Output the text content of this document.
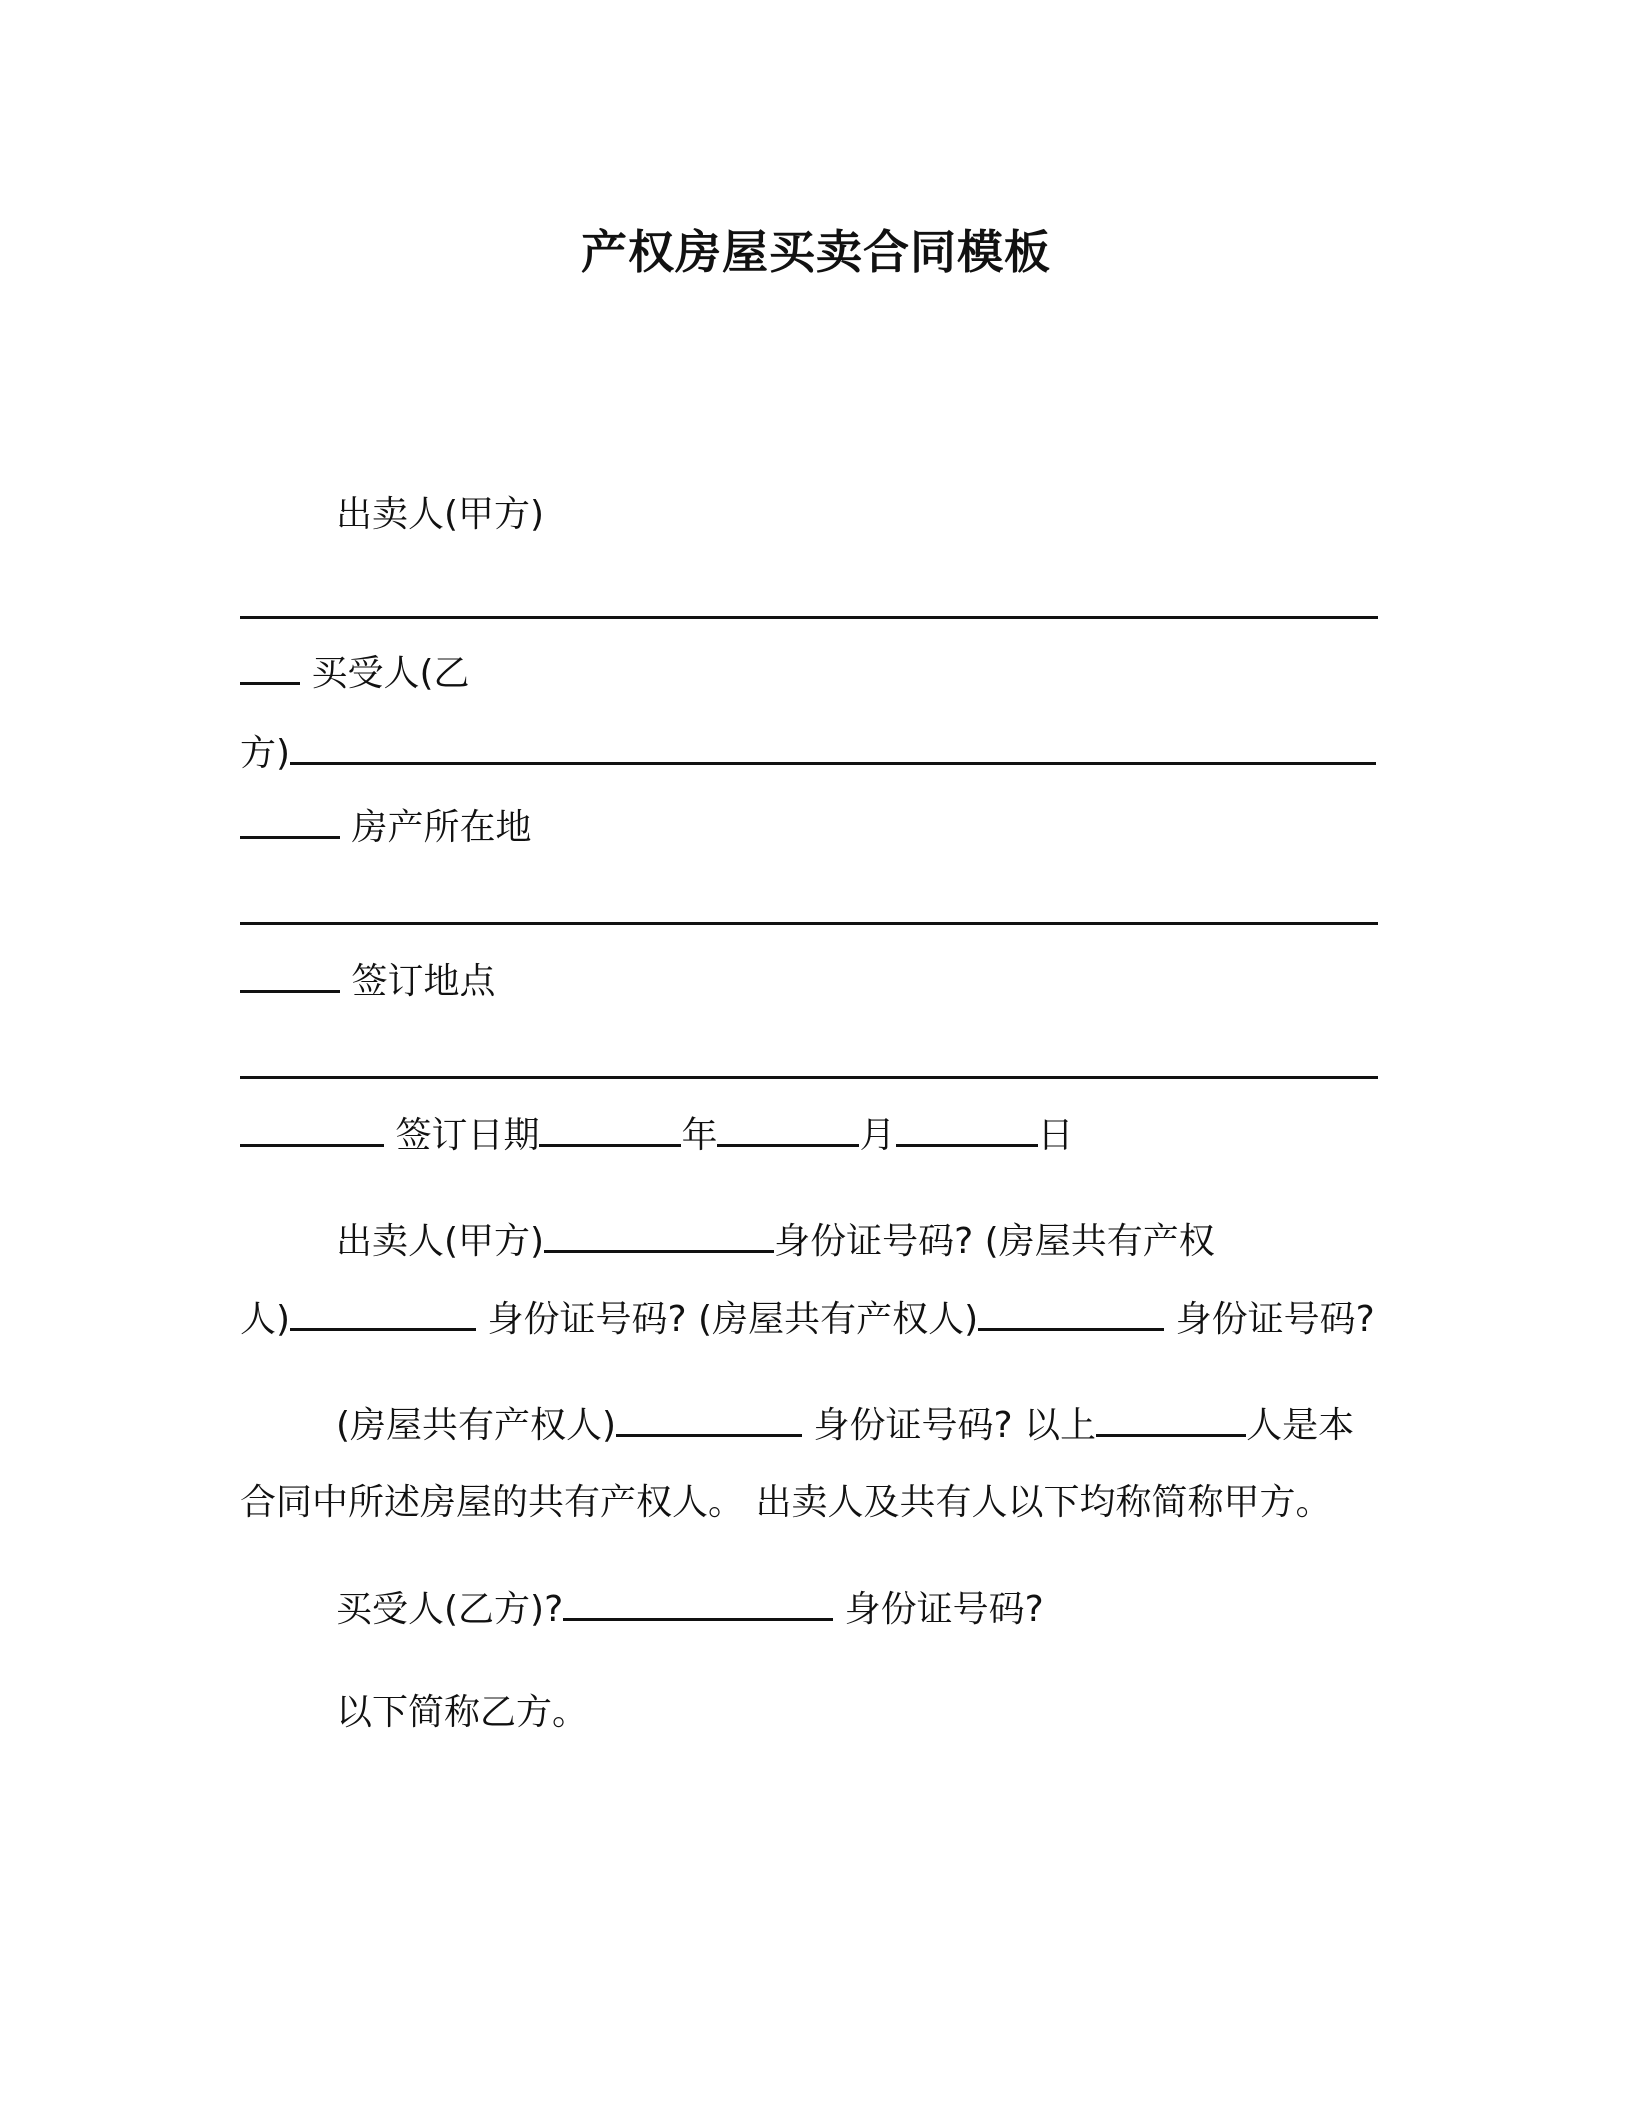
产权房屋买卖合同模板
出卖人(甲方)
买受人(乙
方)
房产所在地
签订地点
签订日期	年	月	日
出卖人(甲方)	身份证号码? (房屋共有产权
人)	身份证号码? (房屋共有产权人)	身份证号码?
(房屋共有产权人)	身份证号码? 以上	人是本
合同中所述房屋的共有产权人。 出卖人及共有人以下均称简称甲方。
买受人(乙方)?	身份证号码?
以下简称乙方。
